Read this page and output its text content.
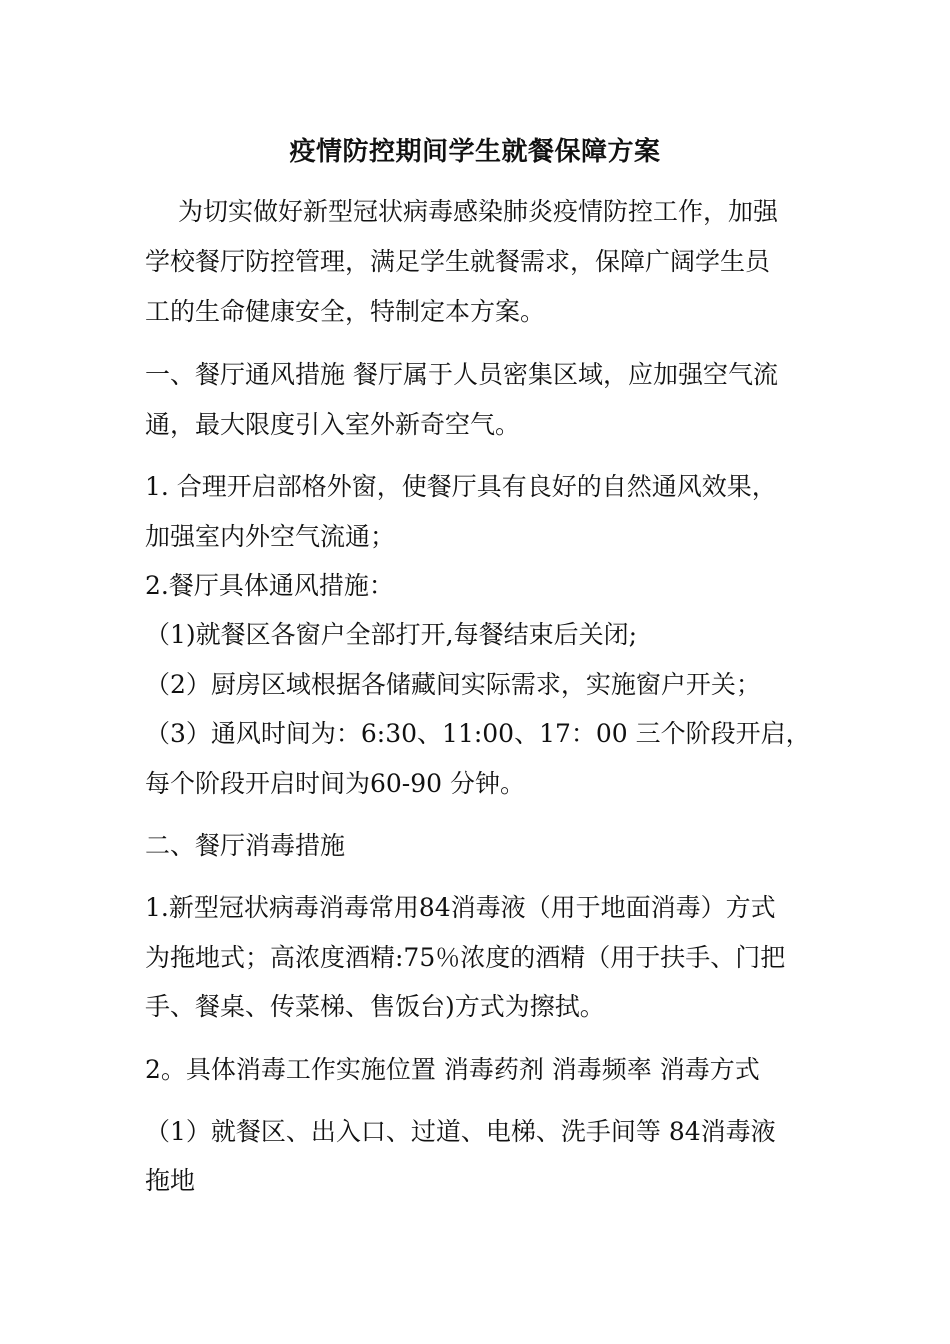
疫情防控期间学生就餐保障方案
为切实做好新型冠状病毒感染肺炎疫情防控工作，加强
学校餐厅防控管理，满足学生就餐需求，保障广阔学生员
工的生命健康安全，特制定本方案。
一、餐厅通风措施 餐厅属于人员密集区域，应加强空气流
通，最大限度引入室外新奇空气。
1. 合理开启部格外窗，使餐厅具有良好的自然通风效果，
加强室内外空气流通；
2.餐厅具体通风措施：
（1)就餐区各窗户全部打开,每餐结束后关闭;
（2）厨房区域根据各储藏间实际需求，实施窗户开关；
（3）通风时间为：6:30、11:00、17：00 三个阶段开启，
每个阶段开启时间为60-90 分钟。
二、餐厅消毒措施
1.新型冠状病毒消毒常用84消毒液（用于地面消毒）方式
为拖地式；高浓度酒精:75％浓度的酒精（用于扶手、门把
手、餐桌、传菜梯、售饭台)方式为擦拭。
2。具体消毒工作实施位置 消毒药剂 消毒频率 消毒方式
（1）就餐区、出入口、过道、电梯、洗手间等 84消毒液
拖地
